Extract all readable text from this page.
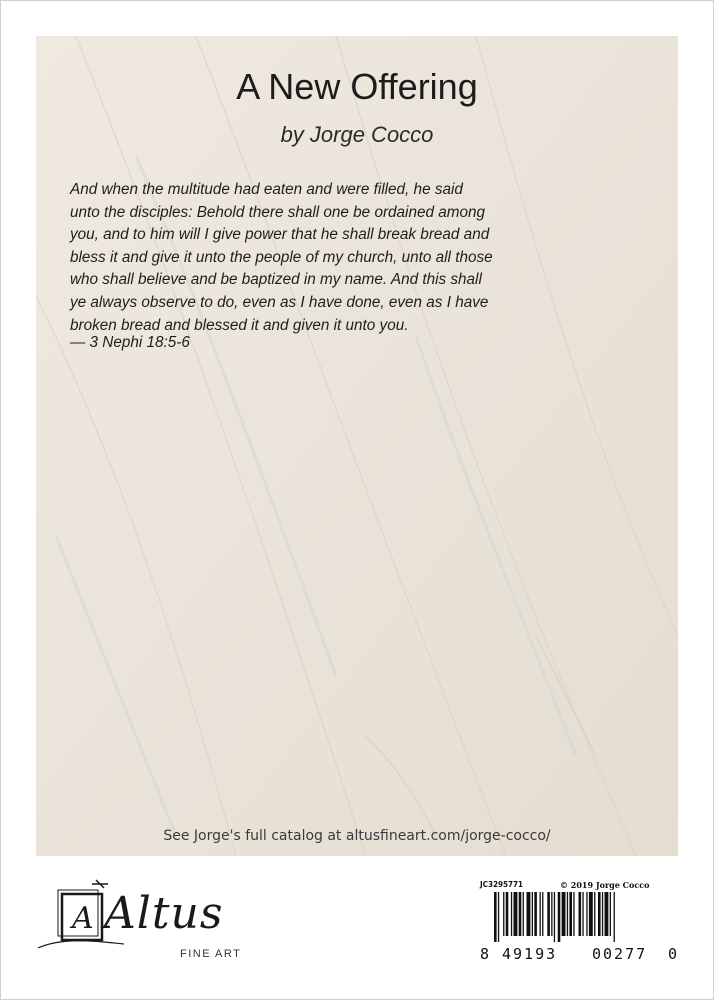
A New Offering

by Jorge Cocco

And when the multitude had eaten and were filled, he said
unto the disciples: Behold there shall one be ordained among
you, and to him will I give power that he shall break bread and
bless it and give it unto the people of my church, unto all those
who shall believe and be baptized in my name. And this shall
ye always observe to do, even as I have done, even as I have
broken bread and blessed it and given it unto you.

— 3 Nephi 18:5-6

See Jorge's full catalog at altusfineart.com/jorge-cocco/

A Altus
FINE ART
JC3295771	© 2019 Jorge Cocco
8 49193 00277 0
